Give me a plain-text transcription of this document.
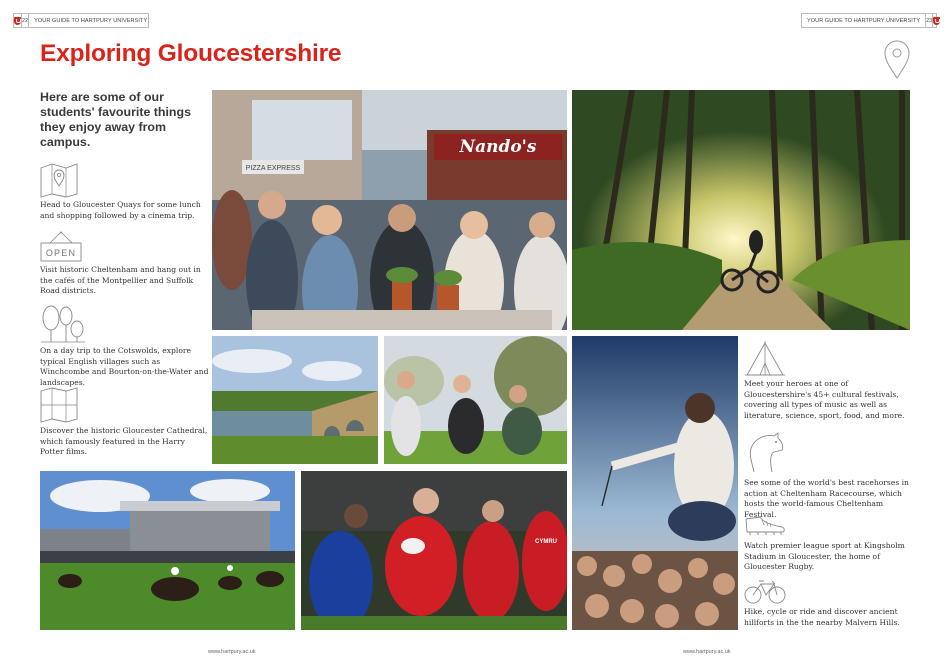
22	YOUR GUIDE TO HARTPURY UNIVERSITY	YOUR GUIDE TO HARTPURY UNIVERSITY	23
Exploring Gloucestershire
Here are some of our students' favourite things they enjoy away from campus.
Head to Gloucester Quays for some lunch and shopping followed by a cinema trip.
OPEN
Visit historic Cheltenham and hang out in the cafés of the Montpellier and Suffolk Road districts.
On a day trip to the Cotswolds, explore typical English villages such as Winchcombe and Bourton-on-the-Water and landscapes.
Discover the historic Gloucester Cathedral, which famously featured in the Harry Potter films.
Nando's
PIZZA EXPRESS
CYMRU
Meet your heroes at one of Gloucestershire's 45+ cultural festivals, covering all types of music as well as literature, science, sport, food, and more.
See some of the world's best racehorses in action at Cheltenham Racecourse, which hosts the world-famous Cheltenham Festival.
Watch premier league sport at Kingsholm Stadium in Gloucester, the home of Gloucester Rugby.
Hike, cycle or ride and discover ancient hillforts in the the nearby Malvern Hills.
www.hartpury.ac.uk	www.hartpury.ac.uk
